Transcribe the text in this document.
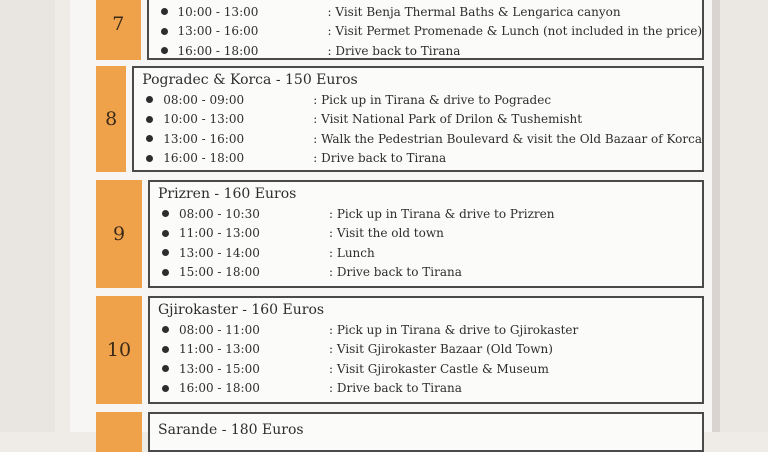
7
10:00 - 13:00	: Visit Benja Thermal Baths & Lengarica canyon
13:00 - 16:00	: Visit Permet Promenade & Lunch (not included in the price)
16:00 - 18:00	: Drive back to Tirana
8
Pogradec & Korca - 150 Euros
08:00 - 09:00	: Pick up in Tirana & drive to Pogradec
10:00 - 13:00	: Visit National Park of Drilon & Tushemisht
13:00 - 16:00	: Walk the Pedestrian Boulevard & visit the Old Bazaar of Korca
16:00 - 18:00	: Drive back to Tirana
9
Prizren - 160 Euros
08:00 - 10:30	: Pick up in Tirana & drive to Prizren
11:00 - 13:00	: Visit the old town
13:00 - 14:00	: Lunch
15:00 - 18:00	: Drive back to Tirana
10
Gjirokaster - 160 Euros
08:00 - 11:00	: Pick up in Tirana & drive to Gjirokaster
11:00 - 13:00	: Visit Gjirokaster Bazaar (Old Town)
13:00 - 15:00	: Visit Gjirokaster Castle & Museum
16:00 - 18:00	: Drive back to Tirana
Sarande - 180 Euros
